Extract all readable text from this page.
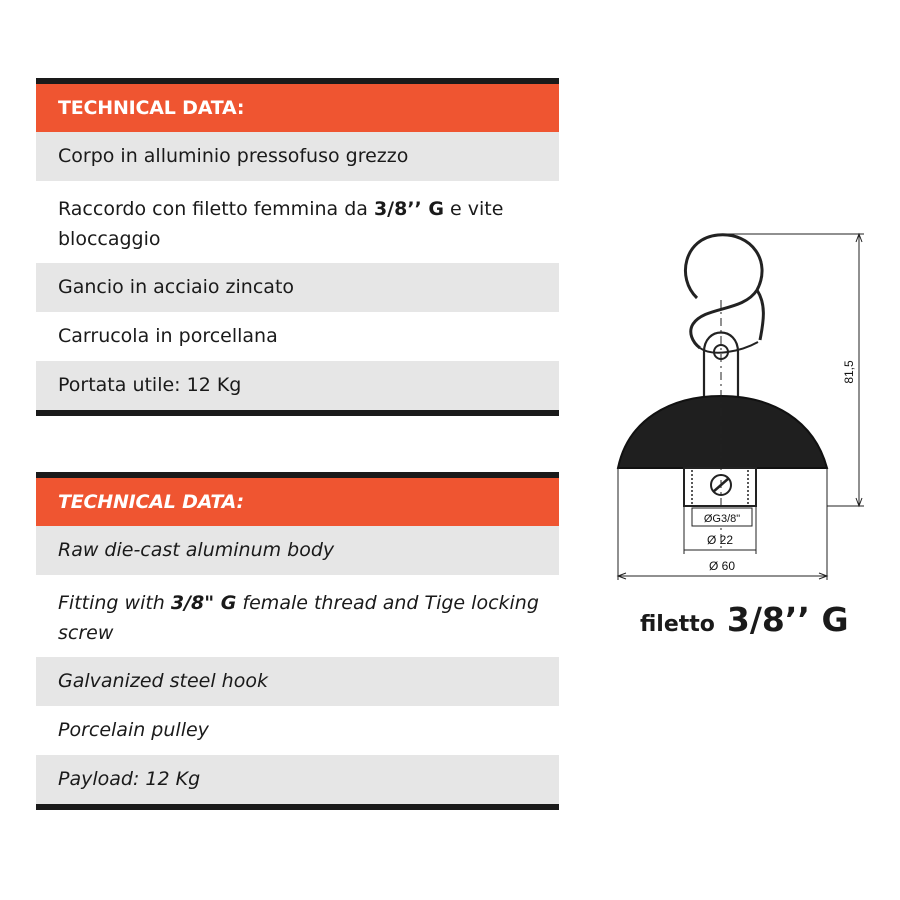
TECHNICAL DATA:
Corpo in alluminio pressofuso grezzo
Raccordo con filetto femmina da 3/8’’ G e vite bloccaggio
Gancio in acciaio zincato
Carrucola in porcellana
Portata utile: 12 Kg
TECHNICAL DATA:
Raw die-cast aluminum body
Fitting with 3/8" G female thread and Tige locking screw
Galvanized steel hook
Porcelain pulley
Payload: 12 Kg
81,5
ØG3/8"
Ø 22
Ø 60
filetto 3/8’’ G
